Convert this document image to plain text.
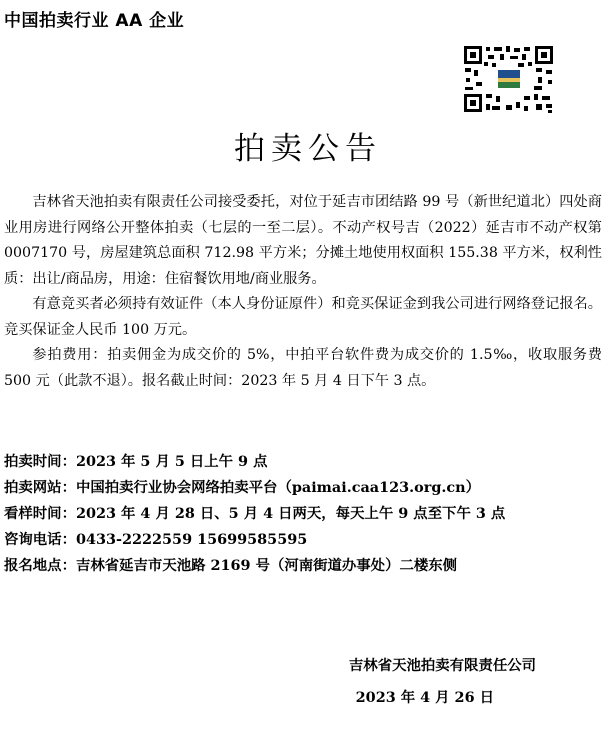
中国拍卖行业 AA 企业
拍卖公告

吉林省天池拍卖有限责任公司接受委托，对位于延吉市团结路 99 号（新世纪道北）四处商业用房进行网络公开整体拍卖（七层的一至二层）。不动产权号吉（2022）延吉市不动产权第 0007170 号，房屋建筑总面积 712.98 平方米；分摊土地使用权面积 155.38 平方米，权利性质：出让/商品房，用途：住宿餐饮用地/商业服务。

有意竞买者必须持有效证件（本人身份证原件）和竞买保证金到我公司进行网络登记报名。竞买保证金人民币 100 万元。

参拍费用：拍卖佣金为成交价的 5%，中拍平台软件费为成交价的 1.5‰，收取服务费 500 元（此款不退）。报名截止时间：2023 年 5 月 4 日下午 3 点。

拍卖时间：2023 年 5 月 5 日上午 9 点
拍卖网站：中国拍卖行业协会网络拍卖平台（paimai.caa123.org.cn）
看样时间：2023 年 4 月 28 日、5 月 4 日两天，每天上午 9 点至下午 3 点
咨询电话：0433-2222559 15699585595
报名地点：吉林省延吉市天池路 2169 号（河南街道办事处）二楼东侧
吉林省天池拍卖有限责任公司
2023 年 4 月 26 日
